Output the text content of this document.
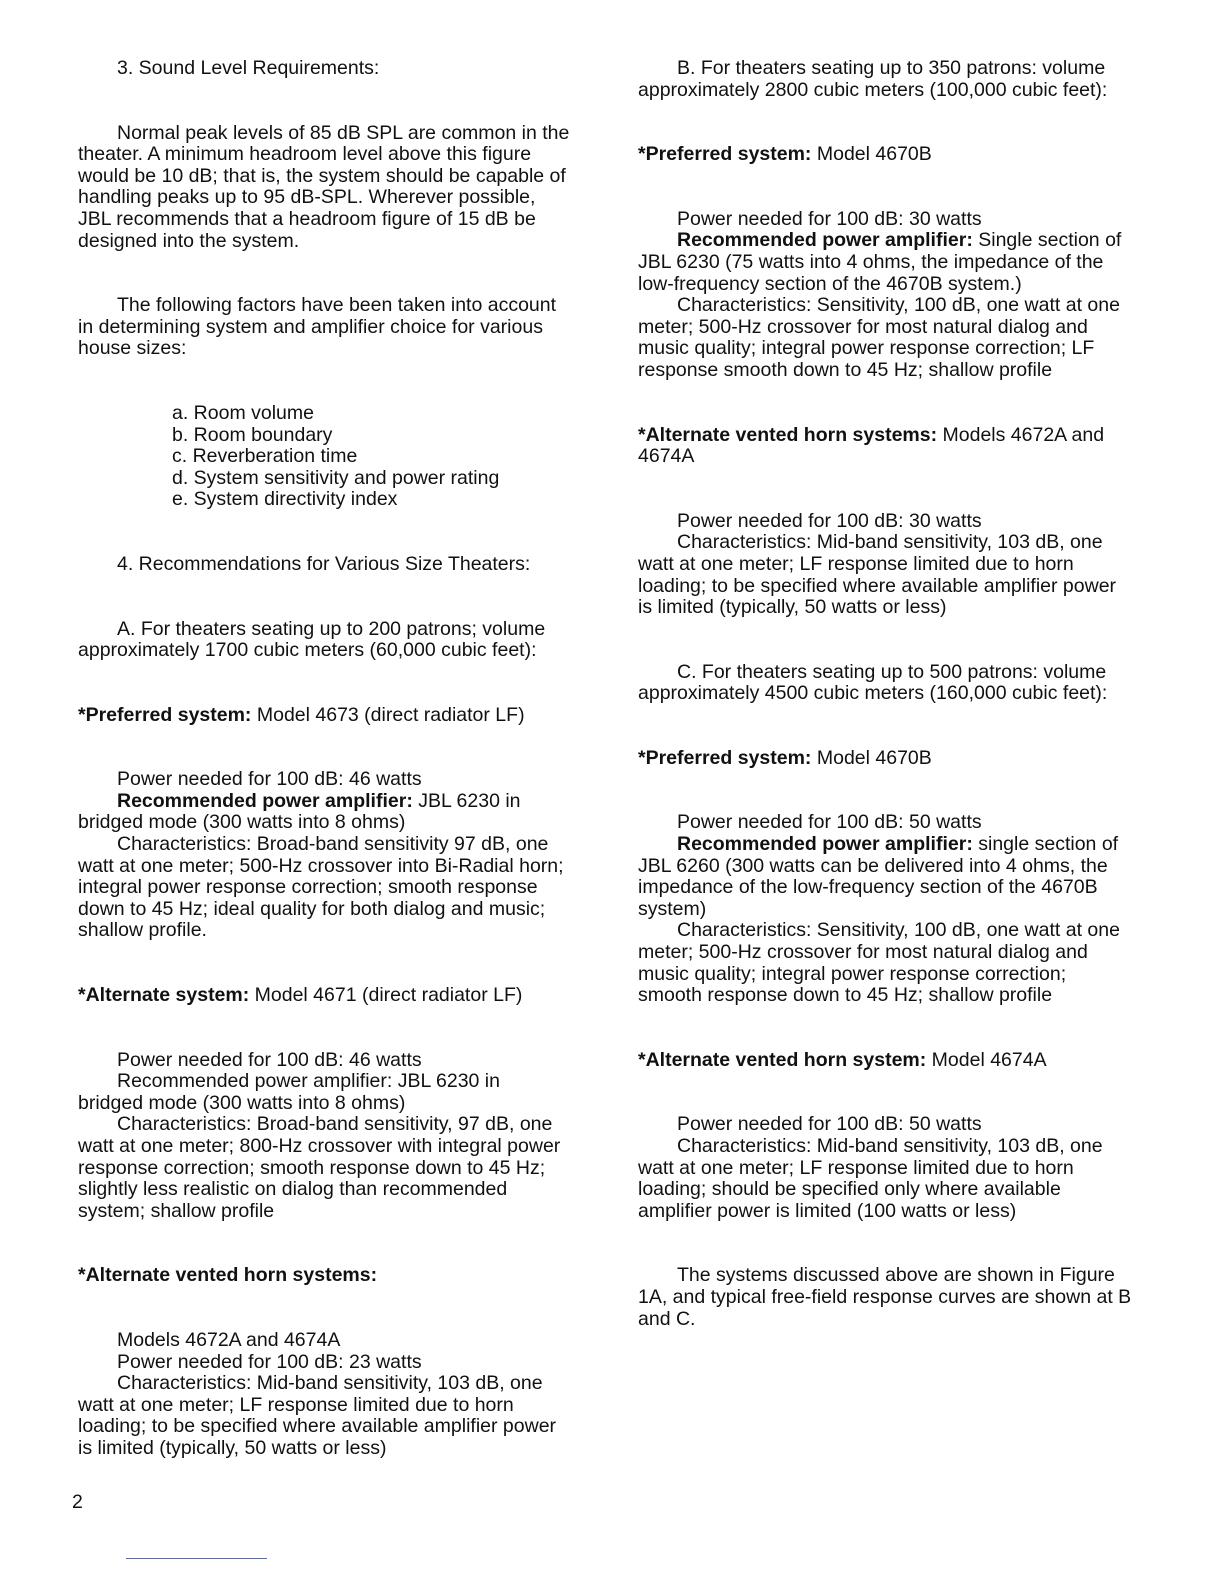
3. Sound Level Requirements:

Normal peak levels of 85 dB SPL are common in the theater. A minimum headroom level above this figure would be 10 dB; that is, the system should be capable of handling peaks up to 95 dB-SPL. Wherever possible, JBL recommends that a headroom figure of 15 dB be designed into the system.

The following factors have been taken into account in determining system and amplifier choice for various house sizes:

a. Room volume
b. Room boundary
c. Reverberation time
d. System sensitivity and power rating
e. System directivity index

4. Recommendations for Various Size Theaters:

A. For theaters seating up to 200 patrons; volume approximately 1700 cubic meters (60,000 cubic feet):

*Preferred system: Model 4673 (direct radiator LF)

Power needed for 100 dB: 46 watts

Recommended power amplifier: JBL 6230 in bridged mode (300 watts into 8 ohms)

Characteristics: Broad-band sensitivity 97 dB, one watt at one meter; 500-Hz crossover into Bi-Radial horn; integral power response correction; smooth response down to 45 Hz; ideal quality for both dialog and music; shallow profile.

*Alternate system: Model 4671 (direct radiator LF)

Power needed for 100 dB: 46 watts

Recommended power amplifier: JBL 6230 in bridged mode (300 watts into 8 ohms)

Characteristics: Broad-band sensitivity, 97 dB, one watt at one meter; 800-Hz crossover with integral power response correction; smooth response down to 45 Hz; slightly less realistic on dialog than recommended system; shallow profile

*Alternate vented horn systems:

Models 4672A and 4674A

Power needed for 100 dB: 23 watts

Characteristics: Mid-band sensitivity, 103 dB, one watt at one meter; LF response limited due to horn loading; to be specified where available amplifier power is limited (typically, 50 watts or less)

B. For theaters seating up to 350 patrons: volume approximately 2800 cubic meters (100,000 cubic feet):

*Preferred system: Model 4670B

Power needed for 100 dB: 30 watts

Recommended power amplifier: Single section of JBL 6230 (75 watts into 4 ohms, the impedance of the low-frequency section of the 4670B system.)

Characteristics: Sensitivity, 100 dB, one watt at one meter; 500-Hz crossover for most natural dialog and music quality; integral power response correction; LF response smooth down to 45 Hz; shallow profile

*Alternate vented horn systems: Models 4672A and 4674A

Power needed for 100 dB: 30 watts

Characteristics: Mid-band sensitivity, 103 dB, one watt at one meter; LF response limited due to horn loading; to be specified where available amplifier power is limited (typically, 50 watts or less)

C. For theaters seating up to 500 patrons: volume approximately 4500 cubic meters (160,000 cubic feet):

*Preferred system: Model 4670B

Power needed for 100 dB: 50 watts

Recommended power amplifier: single section of JBL 6260 (300 watts can be delivered into 4 ohms, the impedance of the low-frequency section of the 4670B system)

Characteristics: Sensitivity, 100 dB, one watt at one meter; 500-Hz crossover for most natural dialog and music quality; integral power response correction; smooth response down to 45 Hz; shallow profile

*Alternate vented horn system: Model 4674A

Power needed for 100 dB: 50 watts

Characteristics: Mid-band sensitivity, 103 dB, one watt at one meter; LF response limited due to horn loading; should be specified only where available amplifier power is limited (100 watts or less)

The systems discussed above are shown in Figure 1A, and typical free-field response curves are shown at B and C.

2
